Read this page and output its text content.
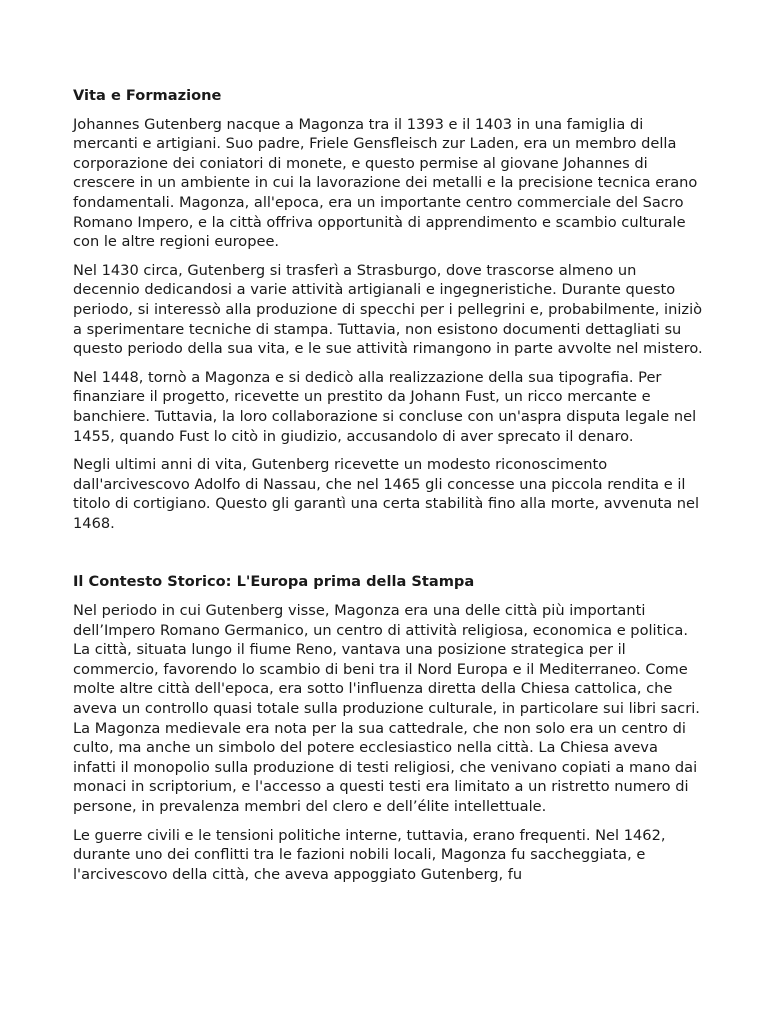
Vita e Formazione

Johannes Gutenberg nacque a Magonza tra il 1393 e il 1403 in una famiglia di mercanti e artigiani. Suo padre, Friele Gensfleisch zur Laden, era un membro della corporazione dei coniatori di monete, e questo permise al giovane Johannes di crescere in un ambiente in cui la lavorazione dei metalli e la precisione tecnica erano fondamentali. Magonza, all'epoca, era un importante centro commerciale del Sacro Romano Impero, e la città offriva opportunità di apprendimento e scambio culturale con le altre regioni europee.

Nel 1430 circa, Gutenberg si trasferì a Strasburgo, dove trascorse almeno un decennio dedicandosi a varie attività artigianali e ingegneristiche. Durante questo periodo, si interessò alla produzione di specchi per i pellegrini e, probabilmente, iniziò a sperimentare tecniche di stampa. Tuttavia, non esistono documenti dettagliati su questo periodo della sua vita, e le sue attività rimangono in parte avvolte nel mistero.

Nel 1448, tornò a Magonza e si dedicò alla realizzazione della sua tipografia. Per finanziare il progetto, ricevette un prestito da Johann Fust, un ricco mercante e banchiere. Tuttavia, la loro collaborazione si concluse con un'aspra disputa legale nel 1455, quando Fust lo citò in giudizio, accusandolo di aver sprecato il denaro.

Negli ultimi anni di vita, Gutenberg ricevette un modesto riconoscimento dall'arcivescovo Adolfo di Nassau, che nel 1465 gli concesse una piccola rendita e il titolo di cortigiano. Questo gli garantì una certa stabilità fino alla morte, avvenuta nel 1468.

Il Contesto Storico: L'Europa prima della Stampa

Nel periodo in cui Gutenberg visse, Magonza era una delle città più importanti dell’Impero Romano Germanico, un centro di attività religiosa, economica e politica. La città, situata lungo il fiume Reno, vantava una posizione strategica per il commercio, favorendo lo scambio di beni tra il Nord Europa e il Mediterraneo. Come molte altre città dell'epoca, era sotto l'influenza diretta della Chiesa cattolica, che aveva un controllo quasi totale sulla produzione culturale, in particolare sui libri sacri. La Magonza medievale era nota per la sua cattedrale, che non solo era un centro di culto, ma anche un simbolo del potere ecclesiastico nella città. La Chiesa aveva infatti il monopolio sulla produzione di testi religiosi, che venivano copiati a mano dai monaci in scriptorium, e l'accesso a questi testi era limitato a un ristretto numero di persone, in prevalenza membri del clero e dell’élite intellettuale.

Le guerre civili e le tensioni politiche interne, tuttavia, erano frequenti. Nel 1462, durante uno dei conflitti tra le fazioni nobili locali, Magonza fu saccheggiata, e l'arcivescovo della città, che aveva appoggiato Gutenberg, fu
